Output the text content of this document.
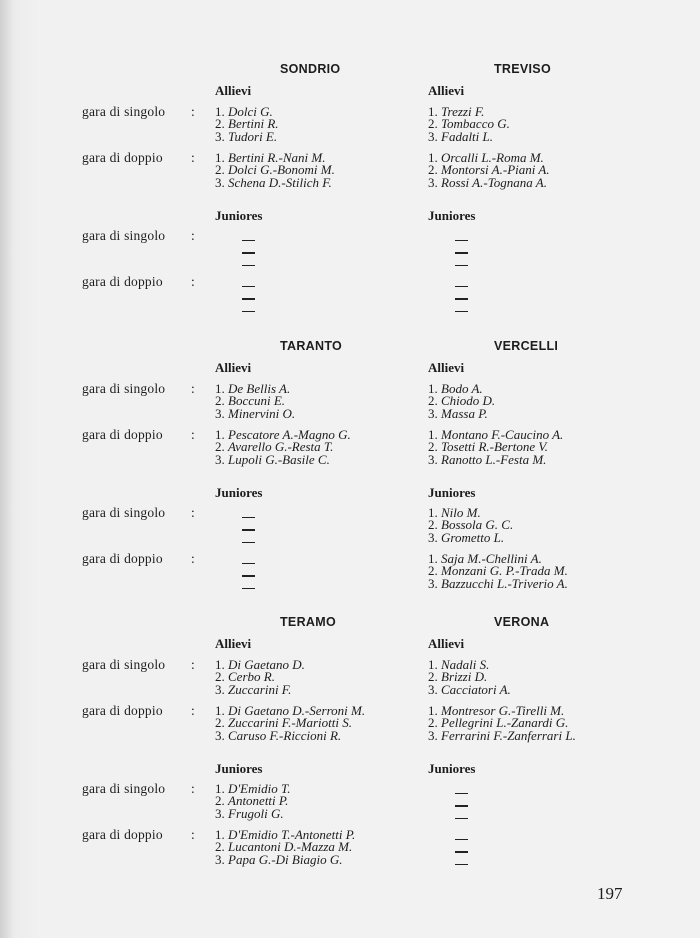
gara di singolo :
gara di doppio :
gara di singolo :
gara di doppio :
SONDRIO
Allievi
Juniores
1. Dolci G.
2. Bertini R.
3. Tudori E.
1. Bertini R.-Nani M.
2. Dolci G.-Bonomi M.
3. Schena D.-Stilich F.
TREVISO
Allievi
Juniores
1. Trezzi F.
2. Tombacco G.
3. Fadalti L.
1. Orcalli L.-Roma M.
2. Montorsi A.-Piani A.
3. Rossi A.-Tognana A.
gara di singolo :
gara di doppio :
gara di singolo :
gara di doppio :
TARANTO
Allievi
Juniores
1. De Bellis A.
2. Boccuni E.
3. Minervini O.
1. Pescatore A.-Magno G.
2. Avarello G.-Resta T.
3. Lupoli G.-Basile C.
VERCELLI
Allievi
Juniores
1. Bodo A.
2. Chiodo D.
3. Massa P.
1. Montano F.-Caucino A.
2. Tosetti R.-Bertone V.
3. Ranotto L.-Festa M.
1. Nilo M.
2. Bossola G. C.
3. Grometto L.
1. Saja M.-Chellini A.
2. Monzani G. P.-Trada M.
3. Bazzucchi L.-Triverio A.
gara di singolo :
gara di doppio :
gara di singolo :
gara di doppio :
TERAMO
Allievi
Juniores
1. Di Gaetano D.
2. Cerbo R.
3. Zuccarini F.
1. Di Gaetano D.-Serroni M.
2. Zuccarini F.-Mariotti S.
3. Caruso F.-Riccioni R.
1. D'Emidio T.
2. Antonetti P.
3. Frugoli G.
1. D'Emidio T.-Antonetti P.
2. Lucantoni D.-Mazza M.
3. Papa G.-Di Biagio G.
VERONA
Allievi
Juniores
1. Nadali S.
2. Brizzi D.
3. Cacciatori A.
1. Montresor G.-Tirelli M.
2. Pellegrini L.-Zanardi G.
3. Ferrarini F.-Zanferrari L.
197
